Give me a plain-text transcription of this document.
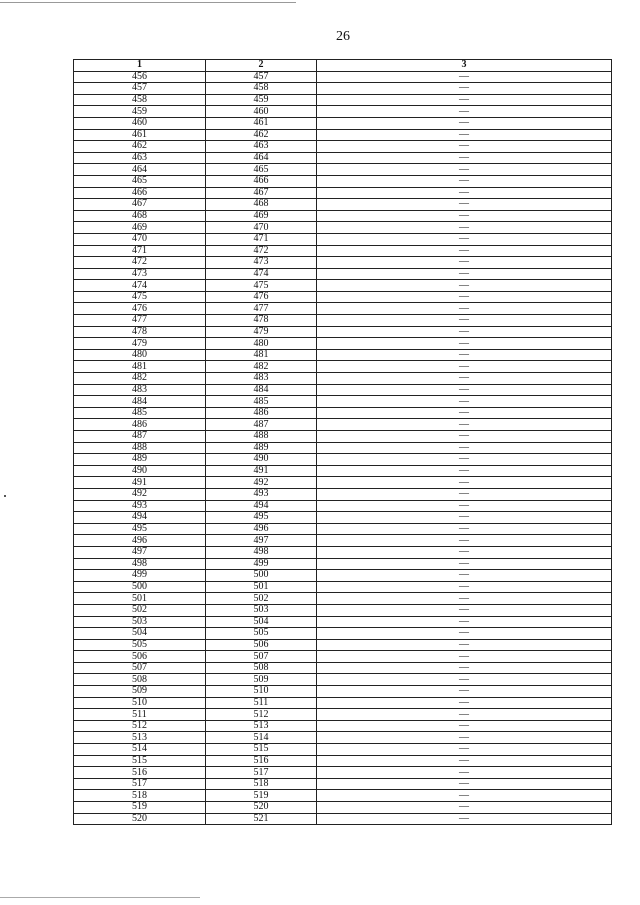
26
1	2	3
456	457	—
457	458	—
458	459	—
459	460	—
460	461	—
461	462	—
462	463	—
463	464	—
464	465	—
465	466	—
466	467	—
467	468	—
468	469	—
469	470	—
470	471	—
471	472	—
472	473	—
473	474	—
474	475	—
475	476	—
476	477	—
477	478	—
478	479	—
479	480	—
480	481	—
481	482	—
482	483	—
483	484	—
484	485	—
485	486	—
486	487	—
487	488	—
488	489	—
489	490	—
490	491	—
491	492	—
492	493	—
493	494	—
494	495	—
495	496	—
496	497	—
497	498	—
498	499	—
499	500	—
500	501	—
501	502	—
502	503	—
503	504	—
504	505	—
505	506	—
506	507	—
507	508	—
508	509	—
509	510	—
510	511	—
511	512	—
512	513	—
513	514	—
514	515	—
515	516	—
516	517	—
517	518	—
518	519	—
519	520	—
520	521	—
